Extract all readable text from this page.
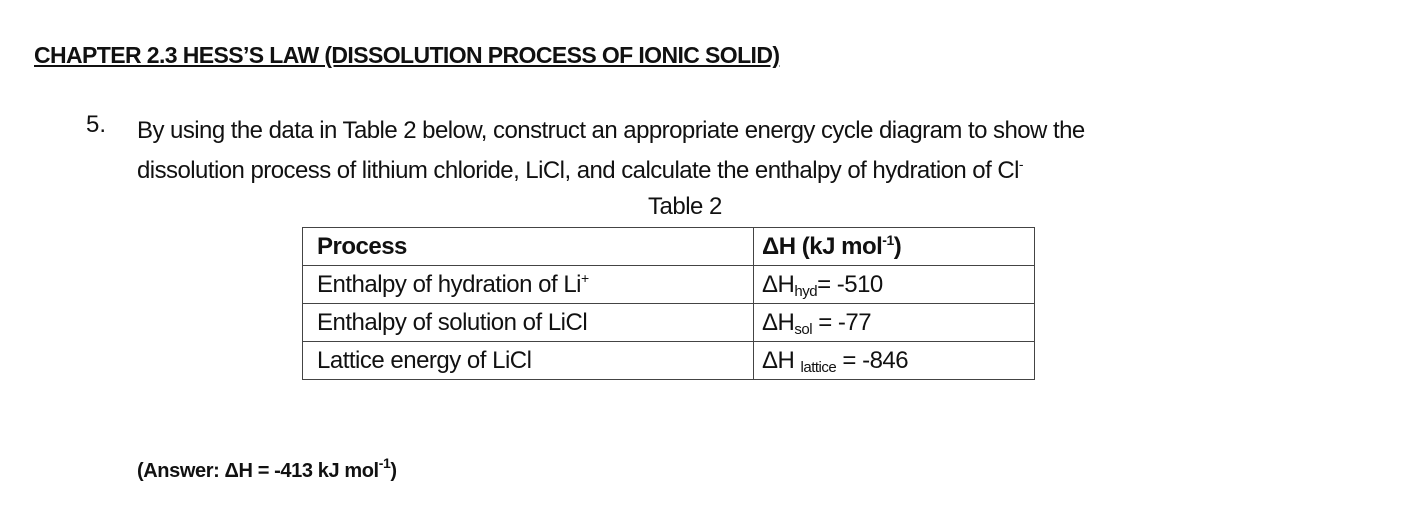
CHAPTER 2.3 HESS’S LAW (DISSOLUTION PROCESS OF IONIC SOLID)
5. By using the data in Table 2 below, construct an appropriate energy cycle diagram to show the
dissolution process of lithium chloride, LiCl, and calculate the enthalpy of hydration of Cl-
Table 2
Process	ΔH (kJ mol$^{-1}$)
Enthalpy of hydration of Li+	$\Delta H_{hyd}= -510$
Enthalpy of solution of LiCl	$\Delta H_{sol} = -77$
Lattice energy of LiCl	ΔH $_{lattice}$ = -846
(Answer: ΔH = -413 kJ mol$^{-1}$)
